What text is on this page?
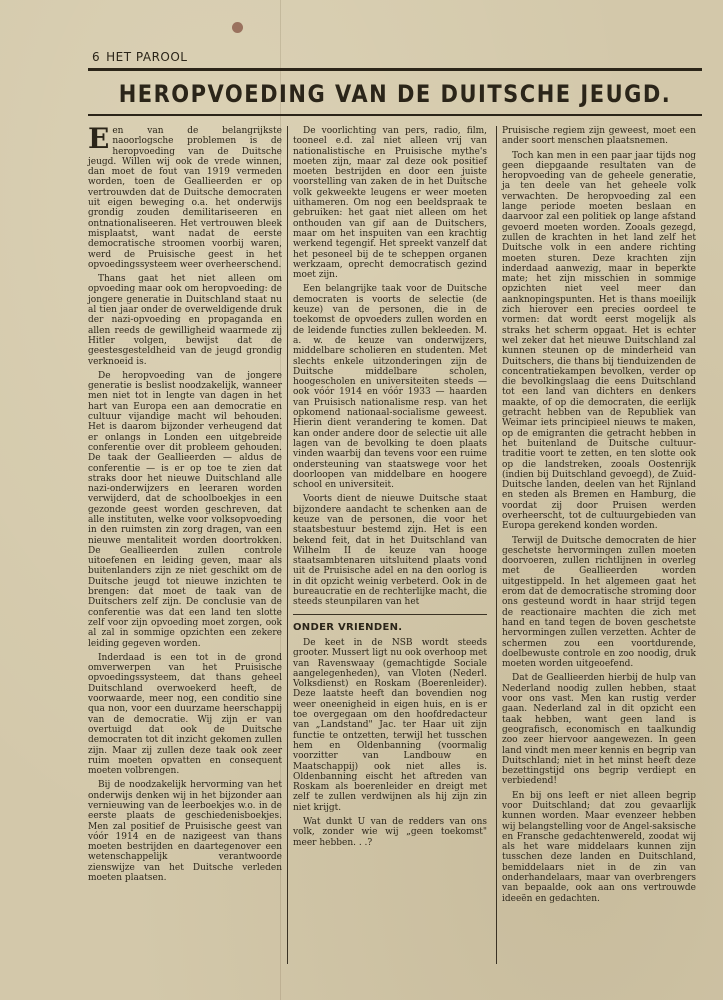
6 HET PAROOL
HEROPVOEDING VAN DE DUITSCHE JEUGD.

Een van de belangrijkste naoorlogsche problemen is de heropvoeding van de Duitsche jeugd. Willen wij ook de vrede winnen, dan moet de fout van 1919 vermeden worden, toen de Geallieerden er op vertrouwden dat de Duitsche democraten uit eigen beweging o.a. het onderwijs grondig zouden demilitariseeren en ontnationaliseeren. Het vertrouwen bleek misplaatst, want nadat de eerste democratische stroomen voorbij waren, werd de Pruisische geest in het opvoedingssysteem weer overheerschend.

Thans gaat het niet alleen om opvoeding maar ook om heropvoeding: de jongere generatie in Duitschland staat nu al tien jaar onder de overweldigende druk der nazi-opvoeding en propaganda en allen reeds de gewilligheid waarmede zij Hitler volgen, bewijst dat de geestesgesteldheid van de jeugd grondig verknoeid is.

De heropvoeding van de jongere generatie is beslist noodzakelijk, wanneer men niet tot in lengte van dagen in het hart van Europa een aan democratie en cultuur vijandige macht wil behouden. Het is daarom bijzonder verheugend dat er onlangs in Londen een uitgebreide conferentie over dit probleem gehouden. De taak der Geallieerden — aldus de conferentie — is er op toe te zien dat straks door het nieuwe Duitschland alle nazi-onderwijzers en leeraren worden verwijderd, dat de schoolboekjes in een gezonde geest worden geschreven, dat alle instituten, welke voor volksopvoeding in den ruimsten zin zorg dragen, van een nieuwe mentaliteit worden doortrokken. De Geallieerden zullen controle uitoefenen en leiding geven, maar als buitenlanders zijn ze niet geschikt om de Duitsche jeugd tot nieuwe inzichten te brengen: dat moet de taak van de Duitschers zelf zijn. De conclusie van de conferentie was dat een land ten slotte zelf voor zijn opvoeding moet zorgen, ook al zal in sommige opzichten een zekere leiding gegeven worden.

Inderdaad is een tot in de grond omverwerpen van het Pruisische opvoedingssysteem, dat thans geheel Duitschland overwoekerd heeft, de voorwaarde, meer nog, een conditio sine qua non, voor een duurzame heerschappij van de democratie. Wij zijn er van overtuigd dat ook de Duitsche democraten tot dit inzicht gekomen zullen zijn. Maar zij zullen deze taak ook zeer ruim moeten opvatten en consequent moeten volbrengen.

Bij de noodzakelijk hervorming van het onderwijs denken wij in het bijzonder aan vernieuwing van de leerboekjes w.o. in de eerste plaats de geschiedenisboekjes. Men zal positief de Pruisische geest van vóór 1914 en de nazigeest van thans moeten bestrijden en daartegenover een wetenschappelijk verantwoorde zienswijze van het Duitsche verleden moeten plaatsen.

De voorlichting van pers, radio, film, tooneel e.d. zal niet alleen vrij van nationalistische en Pruisische mythe's moeten zijn, maar zal deze ook positief moeten bestrijden en door een juiste voorstelling van zaken de in het Duitsche volk gekweekte leugens er weer moeten uithameren. Om nog een beeldspraak te gebruiken: het gaat niet alleen om het onthouden van gif aan de Duitschers, maar om het inspuiten van een krachtig werkend tegengif. Het spreekt vanzelf dat het pesoneel bij de te scheppen organen werkzaam, oprecht democratisch gezind moet zijn.

Een belangrijke taak voor de Duitsche democraten is voorts de selectie (de keuze) van de personen, die in de toekomst de opvoeders zullen worden en de leidende functies zullen bekleeden. M. a. w. de keuze van onderwijzers, middelbare scholieren en studenten. Met slechts enkele uitzonderingen zijn de Duitsche middelbare scholen, hoogescholen en universiteiten steeds — ook vóór 1914 en vóór 1933 — haarden van Pruisisch nationalisme resp. van het opkomend nationaal-socialisme geweest. Hierin dient verandering te komen. Dat kan onder andere door de selectie uit alle lagen van de bevolking te doen plaats vinden waarbij dan tevens voor een ruime ondersteuning van staatswege voor het doorloopen van middelbare en hoogere school en universiteit.

Voorts dient de nieuwe Duitsche staat bijzondere aandacht te schenken aan de keuze van de personen, die voor het staatsbestuur bestemd zijn. Het is een bekend feit, dat in het Duitschland van Wilhelm II de keuze van hooge staatsambtenaren uitsluitend plaats vond uit de Pruisische adel en na den oorlog is in dit opzicht weinig verbeterd. Ook in de bureaucratie en de rechterlijke macht, die steeds steunpilaren van het

ONDER VRIENDEN.

De keet in de NSB wordt steeds grooter. Mussert ligt nu ook overhoop met van Ravenswaay (gemachtigde Sociale aangelegenheden), van Vloten (Nederl. Volksdienst) en Roskam (Boerenleider). Deze laatste heeft dan bovendien nog weer oneenigheid in eigen huis, en is er toe overgegaan om den hoofdredacteur van „Landstand" Jac. ter Haar uit zijn functie te ontzetten, terwijl het tusschen hem en Oldenbanning (voormalig voorzitter van Landbouw en Maatschappij) ook niet alles is. Oldenbanning eischt het aftreden van Roskam als boerenleider en dreigt met zelf te zullen verdwijnen als hij zijn zin niet krijgt.

Wat dunkt U van de redders van ons volk, zonder wie wij „geen toekomst" meer hebben. . .?

Pruisische regiem zijn geweest, moet een ander soort menschen plaatsnemen.

Toch kan men in een paar jaar tijds nog geen diepgaande resultaten van de heropvoeding van de geheele generatie, ja ten deele van het geheele volk verwachten. De heropvoeding zal een lange periode moeten beslaan en daarvoor zal een politiek op lange afstand gevoerd moeten worden. Zooals gezegd, zullen de krachten in het land zelf het Duitsche volk in een andere richting moeten sturen. Deze krachten zijn inderdaad aanwezig, maar in beperkte mate; het zijn misschien in sommige opzichten niet veel meer dan aanknopingspunten. Het is thans moeilijk zich hierover een precies oordeel te vormen: dat wordt eerst mogelijk als straks het scherm opgaat. Het is echter wel zeker dat het nieuwe Duitschland zal kunnen steunen op de minderheid van Duitschers, die thans bij tienduizenden de concentratiekampen bevolken, verder op die bevolkingslaag die eens Duitschland tot een land van dichters en denkers maakte, of op die democraten, die eerlijk getracht hebben van de Republiek van Weimar iets principieel nieuws te maken, op de emigranten die getracht hebben in het buitenland de Duitsche cultuur-traditie voort te zetten, en ten slotte ook op die landstreken, zooals Oostenrijk (indien bij Duitschland gevoegd), de Zuid-Duitsche landen, deelen van het Rijnland en steden als Bremen en Hamburg, die voordat zij door Pruisen werden overheerscht, tot de cultuurgebieden van Europa gerekend konden worden.

Terwijl de Duitsche democraten de hier geschetste hervormingen zullen moeten doorvoeren, zullen richtlijnen in overleg met de Geallieerden worden uitgestippeld. In het algemeen gaat het erom dat de democratische stroming door ons gesteund wordt in haar strijd tegen de reactionaire machten die zich met hand en tand tegen de boven geschetste hervormingen zullen verzetten. Achter de schermen zou een voortdurende, doelbewuste controle en zoo noodig, druk moeten worden uitgeoefend.

Dat de Geallieerden hierbij de hulp van Nederland noodig zullen hebben, staat voor ons vast. Men kan rustig verder gaan. Nederland zal in dit opzicht een taak hebben, want geen land is geografisch, economisch en taalkundig zoo zeer hiervoor aangewezen. In geen land vindt men meer kennis en begrip van Duitschland; niet in het minst heeft deze bezettingstijd ons begrip verdiept en verbiedend!

En bij ons leeft er niet alleen begrip voor Duitschland; dat zou gevaarlijk kunnen worden. Maar evenzeer hebben wij belangstelling voor de Angel-saksische en Fransche gedachtenwereld, zoodat wij als het ware middelaars kunnen zijn tusschen deze landen en Duitschland, bemiddelaars niet in de zin van onderhandelaars, maar van overbrengers van bepaalde, ook aan ons vertrouwde ideeën en gedachten.
